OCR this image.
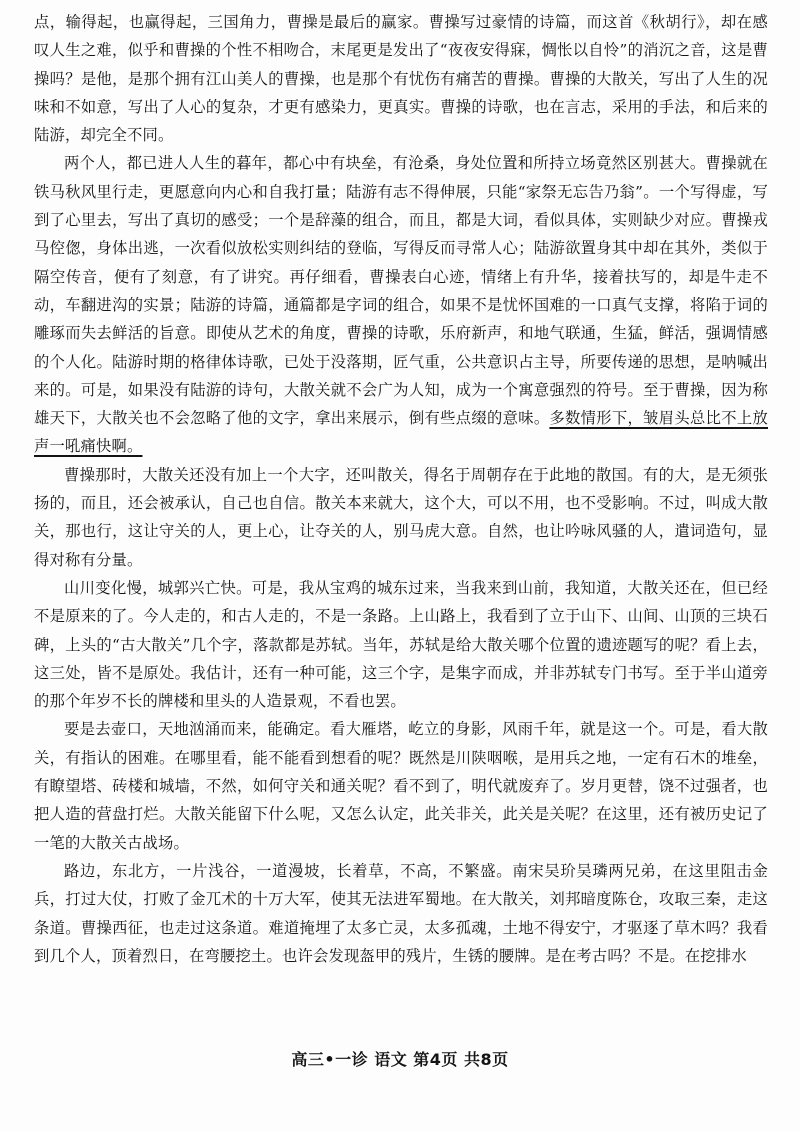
点，输得起，也赢得起，三国角力，曹操是最后的赢家。曹操写过豪情的诗篇，而这首《秋胡行》，却在感叹人生之难，似乎和曹操的个性不相吻合，末尾更是发出了“夜夜安得寐，惆怅以自怜”的消沉之音，这是曹操吗？是他，是那个拥有江山美人的曹操，也是那个有忧伤有痛苦的曹操。曹操的大散关，写出了人生的况味和不如意，写出了人心的复杂，才更有感染力，更真实。曹操的诗歌，也在言志，采用的手法，和后来的陆游，却完全不同。

两个人，都已进人人生的暮年，都心中有块垒，有沧桑，身处位置和所持立场竟然区别甚大。曹操就在铁马秋风里行走，更愿意向内心和自我打量；陆游有志不得伸展，只能“家祭无忘告乃翁”。一个写得虚，写到了心里去，写出了真切的感受；一个是辞藻的组合，而且，都是大词，看似具体，实则缺少对应。曹操戎马倥偬，身体出逃，一次看似放松实则纠结的登临，写得反而寻常人心；陆游欲置身其中却在其外，类似于隔空传音，便有了刻意，有了讲究。再仔细看，曹操表白心迹，情绪上有升华，接着扶写的，却是牛走不动，车翻进沟的实景；陆游的诗篇，通篇都是字词的组合，如果不是忧怀国难的一口真气支撑，将陷于词的雕琢而失去鲜活的旨意。即使从艺术的角度，曹操的诗歌，乐府新声，和地气联通，生猛，鲜活，强调情感的个人化。陆游时期的格律体诗歌，已处于没落期，匠气重，公共意识占主导，所要传递的思想，是呐喊出来的。可是，如果没有陆游的诗句，大散关就不会广为人知，成为一个寓意强烈的符号。至于曹操，因为称雄天下，大散关也不会忽略了他的文字，拿出来展示，倒有些点缀的意味。多数情形下，皱眉头总比不上放声一吼痛快啊。

曹操那时，大散关还没有加上一个大字，还叫散关，得名于周朝存在于此地的散国。有的大，是无须张扬的，而且，还会被承认，自己也自信。散关本来就大，这个大，可以不用，也不受影响。不过，叫成大散关，那也行，这让守关的人，更上心，让夺关的人，别马虎大意。自然，也让吟咏风骚的人，遣词造句，显得对称有分量。

山川变化慢，城郭兴亡快。可是，我从宝鸡的城东过来，当我来到山前，我知道，大散关还在，但已经不是原来的了。今人走的，和古人走的，不是一条路。上山路上，我看到了立于山下、山间、山顶的三块石碑，上头的“古大散关”几个字，落款都是苏轼。当年，苏轼是给大散关哪个位置的遗迹题写的呢？看上去，这三处，皆不是原处。我估计，还有一种可能，这三个字，是集字而成，并非苏轼专门书写。至于半山道旁的那个年岁不长的牌楼和里头的人造景观，不看也罢。

要是去壶口，天地汹涌而来，能确定。看大雁塔，屹立的身影，风雨千年，就是这一个。可是，看大散关，有指认的困难。在哪里看，能不能看到想看的呢？既然是川陕咽喉，是用兵之地，一定有石木的堆垒，有瞭望塔、砖楼和城墙，不然，如何守关和通关呢？看不到了，明代就废弃了。岁月更替，饶不过强者，也把人造的营盘打烂。大散关能留下什么呢，又怎么认定，此关非关，此关是关呢？在这里，还有被历史记了一笔的大散关古战场。

路边，东北方，一片浅谷，一道漫坡，长着草，不高，不繁盛。南宋吴玠吴璘两兄弟，在这里阻击金兵，打过大仗，打败了金兀术的十万大军，使其无法进军蜀地。在大散关，刘邦暗度陈仓，攻取三秦，走这条道。曹操西征，也走过这条道。难道掩埋了太多亡灵，太多孤魂，土地不得安宁，才驱逐了草木吗？我看到几个人，顶着烈日，在弯腰挖土。也许会发现盔甲的残片，生锈的腰牌。是在考古吗？不是。在挖排水

高三•一诊 语文 第4页 共8页
